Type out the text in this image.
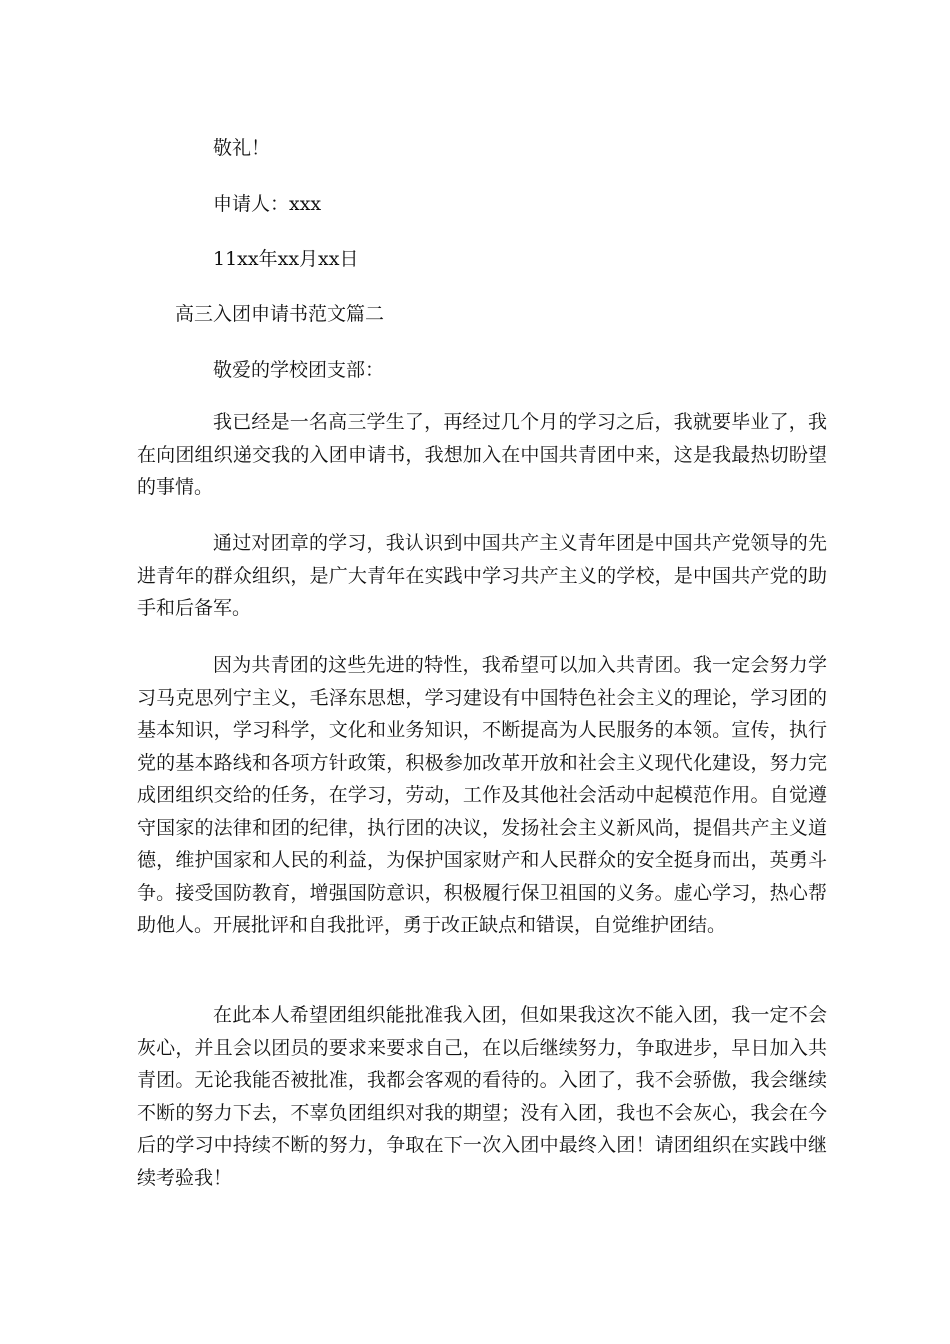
敬礼！
申请人：xxx
11xx年xx月xx日
高三入团申请书范文篇二
敬爱的学校团支部：

我已经是一名高三学生了，再经过几个月的学习之后，我就要毕业了，我在向团组织递交我的入团申请书，我想加入在中国共青团中来，这是我最热切盼望的事情。

通过对团章的学习，我认识到中国共产主义青年团是中国共产党领导的先进青年的群众组织，是广大青年在实践中学习共产主义的学校，是中国共产党的助手和后备军。

因为共青团的这些先进的特性，我希望可以加入共青团。我一定会努力学习马克思列宁主义，毛泽东思想，学习建设有中国特色社会主义的理论，学习团的基本知识，学习科学，文化和业务知识，不断提高为人民服务的本领。宣传，执行党的基本路线和各项方针政策，积极参加改革开放和社会主义现代化建设，努力完成团组织交给的任务，在学习，劳动，工作及其他社会活动中起模范作用。自觉遵守国家的法律和团的纪律，执行团的决议，发扬社会主义新风尚，提倡共产主义道德，维护国家和人民的利益，为保护国家财产和人民群众的安全挺身而出，英勇斗争。接受国防教育，增强国防意识，积极履行保卫祖国的义务。虚心学习，热心帮助他人。开展批评和自我批评，勇于改正缺点和错误，自觉维护团结。

在此本人希望团组织能批准我入团，但如果我这次不能入团，我一定不会灰心，并且会以团员的要求来要求自己，在以后继续努力，争取进步，早日加入共青团。无论我能否被批准，我都会客观的看待的。入团了，我不会骄傲，我会继续不断的努力下去，不辜负团组织对我的期望；没有入团，我也不会灰心，我会在今后的学习中持续不断的努力，争取在下一次入团中最终入团！请团组织在实践中继续考验我！
